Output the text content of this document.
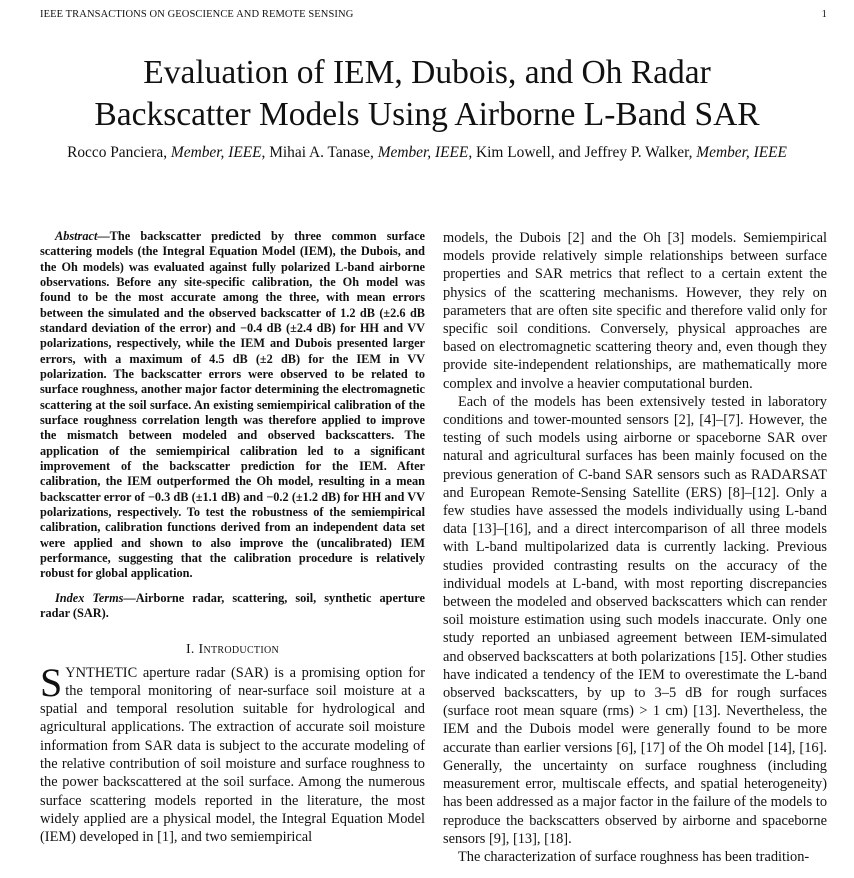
IEEE TRANSACTIONS ON GEOSCIENCE AND REMOTE SENSING	1
Evaluation of IEM, Dubois, and Oh Radar
Backscatter Models Using Airborne L-Band SAR
Rocco Panciera, Member, IEEE, Mihai A. Tanase, Member, IEEE, Kim Lowell, and Jeffrey P. Walker, Member, IEEE

Abstract—The backscatter predicted by three common surface scattering models (the Integral Equation Model (IEM), the Dubois, and the Oh models) was evaluated against fully polarized L-band airborne observations. Before any site-specific calibration, the Oh model was found to be the most accurate among the three, with mean errors between the simulated and the observed backscatter of 1.2 dB (±2.6 dB standard deviation of the error) and −0.4 dB (±2.4 dB) for HH and VV polarizations, respectively, while the IEM and Dubois presented larger errors, with a maximum of 4.5 dB (±2 dB) for the IEM in VV polarization. The backscatter errors were observed to be related to surface roughness, another major factor determining the electromagnetic scattering at the soil surface. An existing semiempirical calibration of the surface roughness correlation length was therefore applied to improve the mismatch between modeled and observed backscatters. The application of the semiempirical calibration led to a significant improvement of the backscatter prediction for the IEM. After calibration, the IEM outperformed the Oh model, resulting in a mean backscatter error of −0.3 dB (±1.1 dB) and −0.2 (±1.2 dB) for HH and VV polarizations, respectively. To test the robustness of the semiempirical calibration, calibration functions derived from an independent data set were applied and shown to also improve the (uncalibrated) IEM performance, suggesting that the calibration procedure is relatively robust for global application.

Index Terms—Airborne radar, scattering, soil, synthetic aperture radar (SAR).

I. Introduction

SYNTHETIC aperture radar (SAR) is a promising option for the temporal monitoring of near-surface soil moisture at a spatial and temporal resolution suitable for hydrological and agricultural applications. The extraction of accurate soil moisture information from SAR data is subject to the accurate modeling of the relative contribution of soil moisture and surface roughness to the power backscattered at the soil surface. Among the numerous surface scattering models reported in the literature, the most widely applied are a physical model, the Integral Equation Model (IEM) developed in [1], and two semiempirical

models, the Dubois [2] and the Oh [3] models. Semiempirical models provide relatively simple relationships between surface properties and SAR metrics that reflect to a certain extent the physics of the scattering mechanisms. However, they rely on parameters that are often site specific and therefore valid only for specific soil conditions. Conversely, physical approaches are based on electromagnetic scattering theory and, even though they provide site-independent relationships, are mathematically more complex and involve a heavier computational burden.

Each of the models has been extensively tested in laboratory conditions and tower-mounted sensors [2], [4]–[7]. However, the testing of such models using airborne or spaceborne SAR over natural and agricultural surfaces has been mainly focused on the previous generation of C-band SAR sensors such as RADARSAT and European Remote-Sensing Satellite (ERS) [8]–[12]. Only a few studies have assessed the models individually using L-band data [13]–[16], and a direct intercomparison of all three models with L-band multipolarized data is currently lacking. Previous studies provided contrasting results on the accuracy of the individual models at L-band, with most reporting discrepancies between the modeled and observed backscatters which can render soil moisture estimation using such models inaccurate. Only one study reported an unbiased agreement between IEM-simulated and observed backscatters at both polarizations [15]. Other studies have indicated a tendency of the IEM to overestimate the L-band observed backscatters, by up to 3–5 dB for rough surfaces (surface root mean square (rms) > 1 cm) [13]. Nevertheless, the IEM and the Dubois model were generally found to be more accurate than earlier versions [6], [17] of the Oh model [14], [16]. Generally, the uncertainty on surface roughness (including measurement error, multiscale effects, and spatial heterogeneity) has been addressed as a major factor in the failure of the models to reproduce the backscatters observed by airborne and spaceborne sensors [9], [13], [18].

The characterization of surface roughness has been tradition-
